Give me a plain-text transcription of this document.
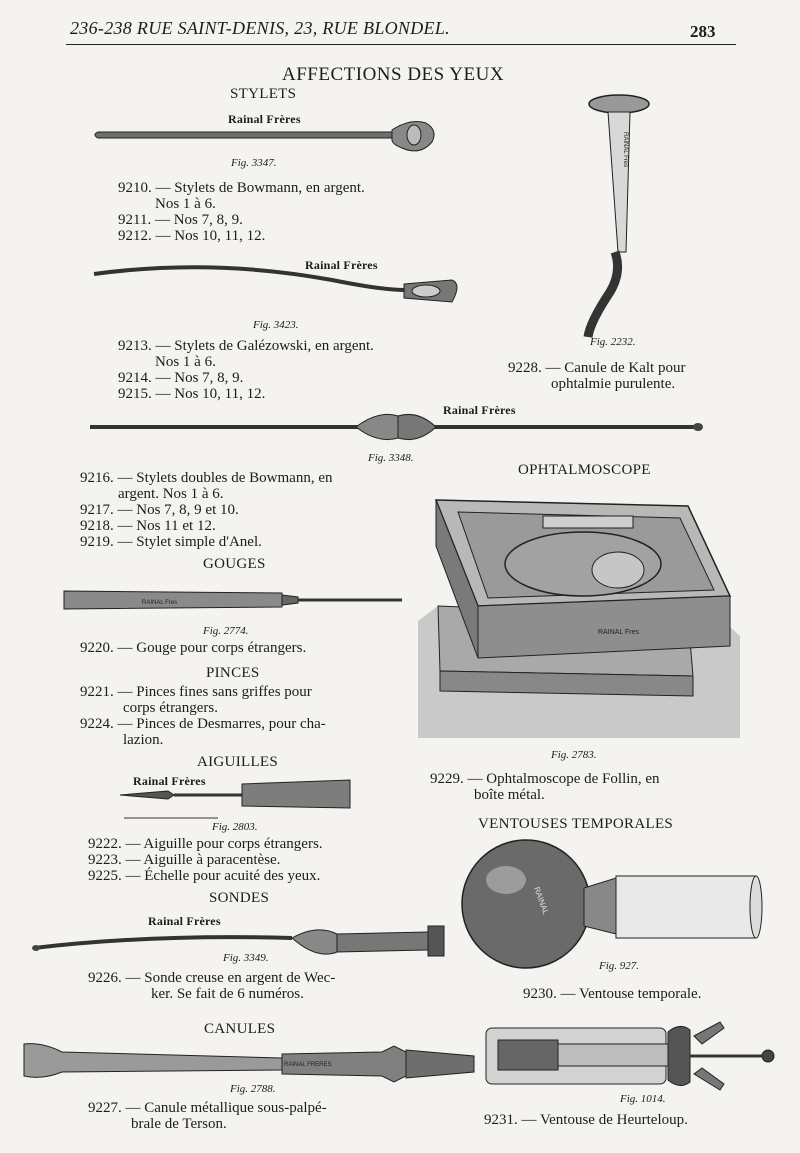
236-238 RUE SAINT-DENIS, 23, RUE BLONDEL.	283
AFFECTIONS DES YEUX
STYLETS
Rainal Frères
Fig. 3347.
9210. — Stylets de Bowmann, en argent.
Nos 1 à 6.
9211. — Nos 7, 8, 9.
9212. — Nos 10, 11, 12.
Rainal Frères
Fig. 3423.
9213. — Stylets de Galézowski, en argent.
Nos 1 à 6.
9214. — Nos 7, 8, 9.
9215. — Nos 10, 11, 12.
RAINAL Fres
Fig. 2232.
9228. — Canule de Kalt pour
ophtalmie purulente.
Rainal Frères
Fig. 3348.
9216. — Stylets doubles de Bowmann, en
argent. Nos 1 à 6.
9217. — Nos 7, 8, 9 et 10.
9218. — Nos 11 et 12.
9219. — Stylet simple d'Anel.
OPHTALMOSCOPE
RAINAL Fres
Fig. 2783.
9229. — Ophtalmoscope de Follin, en
boîte métal.
GOUGES
RAINAL Fres
Fig. 2774.
9220. — Gouge pour corps étrangers.
PINCES
9221. — Pinces fines sans griffes pour
corps étrangers.
9224. — Pinces de Desmarres, pour cha-
lazion.
AIGUILLES
Rainal Frères
Fig. 2803.
9222. — Aiguille pour corps étrangers.
9223. — Aiguille à paracentèse.
9225. — Échelle pour acuité des yeux.
SONDES
Rainal Frères
Fig. 3349.
9226. — Sonde creuse en argent de Wec-
ker. Se fait de 6 numéros.
CANULES
RAINAL FRERES
Fig. 2788.
9227. — Canule métallique sous-palpé-
brale de Terson.
VENTOUSES TEMPORALES
RAINAL
Fig. 927.
9230. — Ventouse temporale.
Fig. 1014.
9231. — Ventouse de Heurteloup.
